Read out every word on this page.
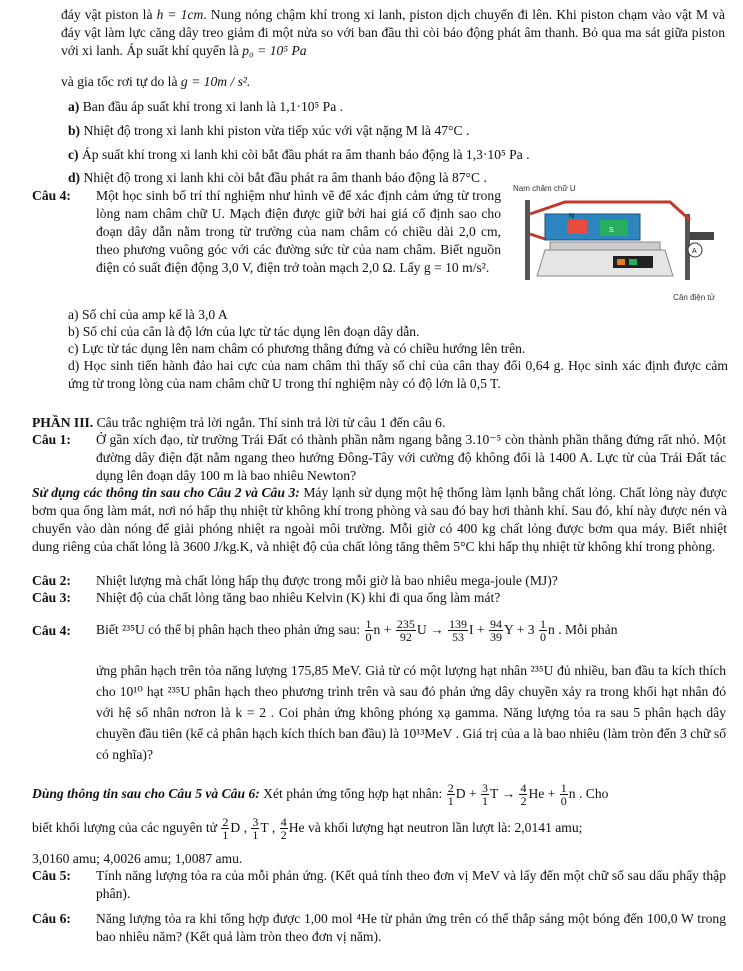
đáy vật piston là h = 1cm. Nung nóng chậm khí trong xi lanh, piston dịch chuyển đi lên. Khi piston chạm vào vật M và đáy vật làm lực căng dây treo giảm đi một nửa so với ban đầu thì còi báo động phát âm thanh. Bỏ qua ma sát giữa piston với xi lanh. Áp suất khí quyển là p₀ = 10⁵ Pa
và gia tốc rơi tự do là g = 10m / s².
a) Ban đầu áp suất khí trong xi lanh là 1,1·10⁵ Pa .
b) Nhiệt độ trong xi lanh khi piston vừa tiếp xúc với vật nặng M là 47°C .
c) Áp suất khí trong xi lanh khi còi bắt đầu phát ra âm thanh báo động là 1,3·10⁵ Pa .
d) Nhiệt độ trong xi lanh khi còi bắt đầu phát ra âm thanh báo động là 87°C .
Câu 4: Một học sinh bố trí thí nghiệm như hình vẽ để xác định cảm ứng từ trong lòng nam châm chữ U. Mạch điện được giữ bởi hai giá cố định sao cho đoạn dây dẫn nằm trong từ trường của nam châm có chiều dài 2,0 cm, theo phương vuông góc với các đường sức từ của nam châm. Biết nguồn điện có suất điện động 3,0 V, điện trở toàn mạch 2,0 Ω. Lấy g = 10 m/s².
Nam châm chữ U
N
S
A
Cân điện tử
a) Số chỉ của amp kế là 3,0 A
b) Số chỉ của cân là độ lớn của lực từ tác dụng lên đoạn dây dẫn.
c) Lực từ tác dụng lên nam châm có phương thẳng đứng và có chiều hướng lên trên.
d) Học sinh tiến hành đảo hai cực của nam châm thì thấy số chỉ của cân thay đổi 0,64 g. Học sinh xác định được cảm ứng từ trong lòng của nam châm chữ U trong thí nghiệm này có độ lớn là 0,5 T.
PHẦN III. Câu trắc nghiệm trả lời ngắn. Thí sinh trả lời từ câu 1 đến câu 6.
Câu 1: Ở gần xích đạo, từ trường Trái Đất có thành phần nằm ngang bằng 3.10⁻⁵ còn thành phần thẳng đứng rất nhỏ. Một đường dây điện đặt nằm ngang theo hướng Đông-Tây với cường độ không đổi là 1400 A. Lực từ của Trái Đất tác dụng lên đoạn dây 100 m là bao nhiêu Newton?
Sử dụng các thông tin sau cho Câu 2 và Câu 3: Máy lạnh sử dụng một hệ thống làm lạnh bằng chất lỏng. Chất lỏng này được bơm qua ống làm mát, nơi nó hấp thụ nhiệt từ không khí trong phòng và sau đó bay hơi thành khí. Sau đó, khí này được nén và chuyển vào dàn nóng để giải phóng nhiệt ra ngoài môi trường. Mỗi giờ có 400 kg chất lỏng được bơm qua máy. Biết nhiệt dung riêng của chất lỏng là 3600 J/kg.K, và nhiệt độ của chất lỏng tăng thêm 5°C khi hấp thụ nhiệt từ không khí trong phòng.
Câu 2: Nhiệt lượng mà chất lỏng hấp thụ được trong mỗi giờ là bao nhiêu mega-joule (MJ)?
Câu 3: Nhiệt độ của chất lỏng tăng bao nhiêu Kelvin (K) khi đi qua ống làm mát?
Câu 4: Biết ²³⁵U có thể bị phân hạch theo phản ứng sau: $\frac{1}{0}$ $n + \frac{235}{92}$ $U \to \frac{139}{53}$ $I + \frac{94}{39}$ $Y + 3 \frac{1}{0}$ n . Mỗi phản
ứng phân hạch trên tỏa năng lượng 175,85 MeV. Giả từ có một lượng hạt nhân ²³⁵U đủ nhiều, ban đầu ta kích thích cho 10¹⁰ hạt ²³⁵U phân hạch theo phương trình trên và sau đó phản ứng dây chuyền xảy ra trong khối hạt nhân đó với hệ số nhân nơron là k = 2 . Coi phản ứng không phóng xạ gamma. Năng lượng tỏa ra sau 5 phân hạch dây chuyền đầu tiên (kể cả phân hạch kích thích ban đầu) là 10¹³MeV . Giá trị của a là bao nhiêu (làm tròn đến 3 chữ số có nghĩa)?
Dùng thông tin sau cho Câu 5 và Câu 6: Xét phản ứng tổng hợp hạt nhân: $\frac{2}{1}$ $D + \frac{3}{1}$ $T \to \frac{4}{2}$ $He + \frac{1}{0}$ n . Cho
biết khối lượng của các nguyên tử $\frac{2}{1}$ D , $\frac{3}{1}$ T , $\frac{4}{2}$ He và khối lượng hạt neutron lần lượt là: 2,0141 amu;
3,0160 amu; 4,0026 amu; 1,0087 amu.
Câu 5: Tính năng lượng tỏa ra của mỗi phản ứng. (Kết quả tính theo đơn vị MeV và lấy đến một chữ số sau dấu phẩy thập phân).
Câu 6: Năng lượng tỏa ra khi tổng hợp được 1,00 mol ⁴He từ phản ứng trên có thể thắp sáng một bóng đến 100,0 W trong bao nhiêu năm? (Kết quả làm tròn theo đơn vị năm).
